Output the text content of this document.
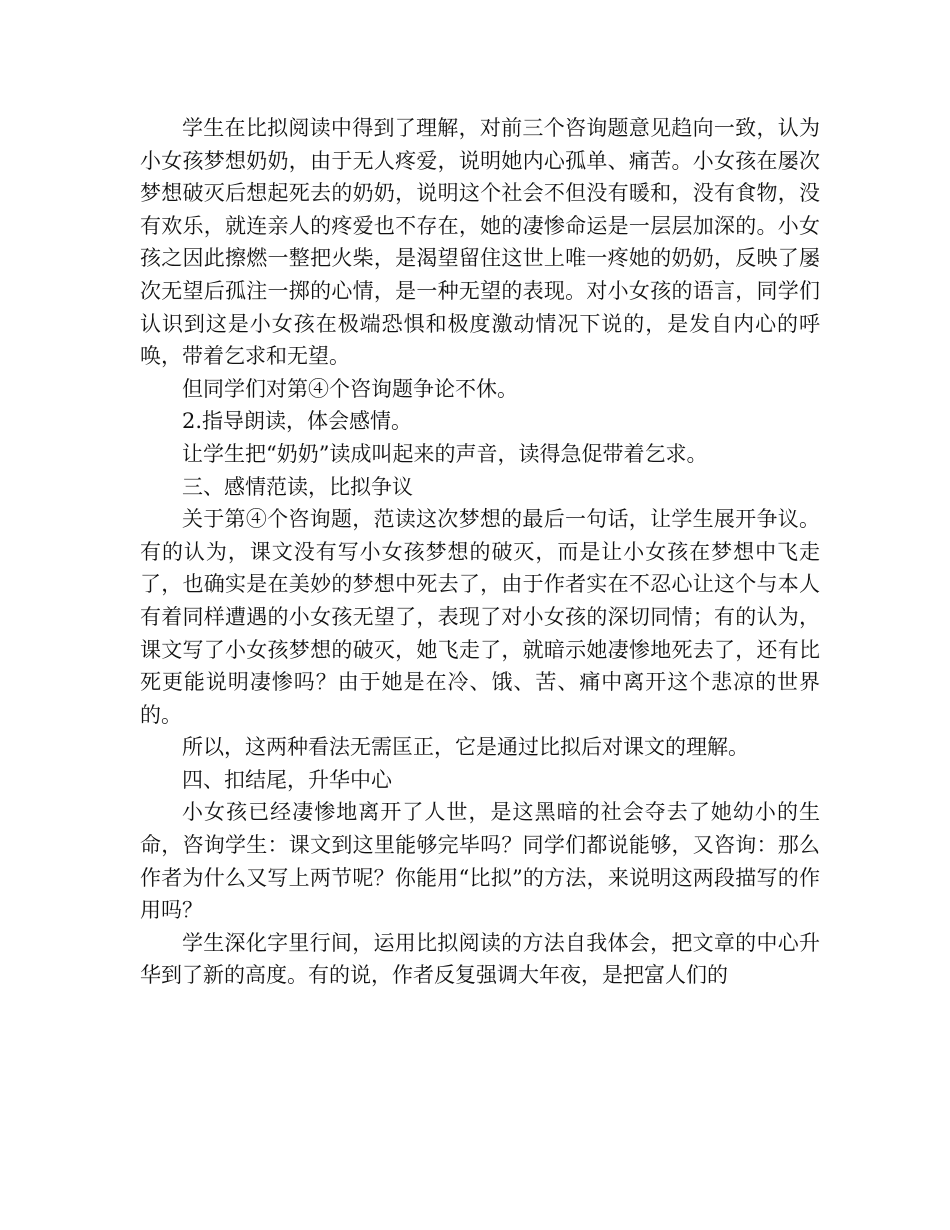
学生在比拟阅读中得到了理解，对前三个咨询题意见趋向一致，认为小女孩梦想奶奶，由于无人疼爱，说明她内心孤单、痛苦。小女孩在屡次梦想破灭后想起死去的奶奶，说明这个社会不但没有暖和，没有食物，没有欢乐，就连亲人的疼爱也不存在，她的凄惨命运是一层层加深的。小女孩之因此擦燃一整把火柴，是渴望留住这世上唯一疼她的奶奶，反映了屡次无望后孤注一掷的心情，是一种无望的表现。对小女孩的语言，同学们认识到这是小女孩在极端恐惧和极度激动情况下说的，是发自内心的呼唤，带着乞求和无望。

但同学们对第④个咨询题争论不休。

2.指导朗读，体会感情。

让学生把“奶奶”读成叫起来的声音，读得急促带着乞求。

三、感情范读，比拟争议

关于第④个咨询题，范读这次梦想的最后一句话，让学生展开争议。有的认为，课文没有写小女孩梦想的破灭，而是让小女孩在梦想中飞走了，也确实是在美妙的梦想中死去了，由于作者实在不忍心让这个与本人有着同样遭遇的小女孩无望了，表现了对小女孩的深切同情；有的认为，课文写了小女孩梦想的破灭，她飞走了，就暗示她凄惨地死去了，还有比死更能说明凄惨吗？由于她是在冷、饿、苦、痛中离开这个悲凉的世界的。

所以，这两种看法无需匡正，它是通过比拟后对课文的理解。

四、扣结尾，升华中心

小女孩已经凄惨地离开了人世，是这黑暗的社会夺去了她幼小的生命，咨询学生：课文到这里能够完毕吗？同学们都说能够，又咨询：那么作者为什么又写上两节呢？你能用“比拟”的方法，来说明这两段描写的作用吗？

学生深化字里行间，运用比拟阅读的方法自我体会，把文章的中心升华到了新的高度。有的说，作者反复强调大年夜，是把富人们的
